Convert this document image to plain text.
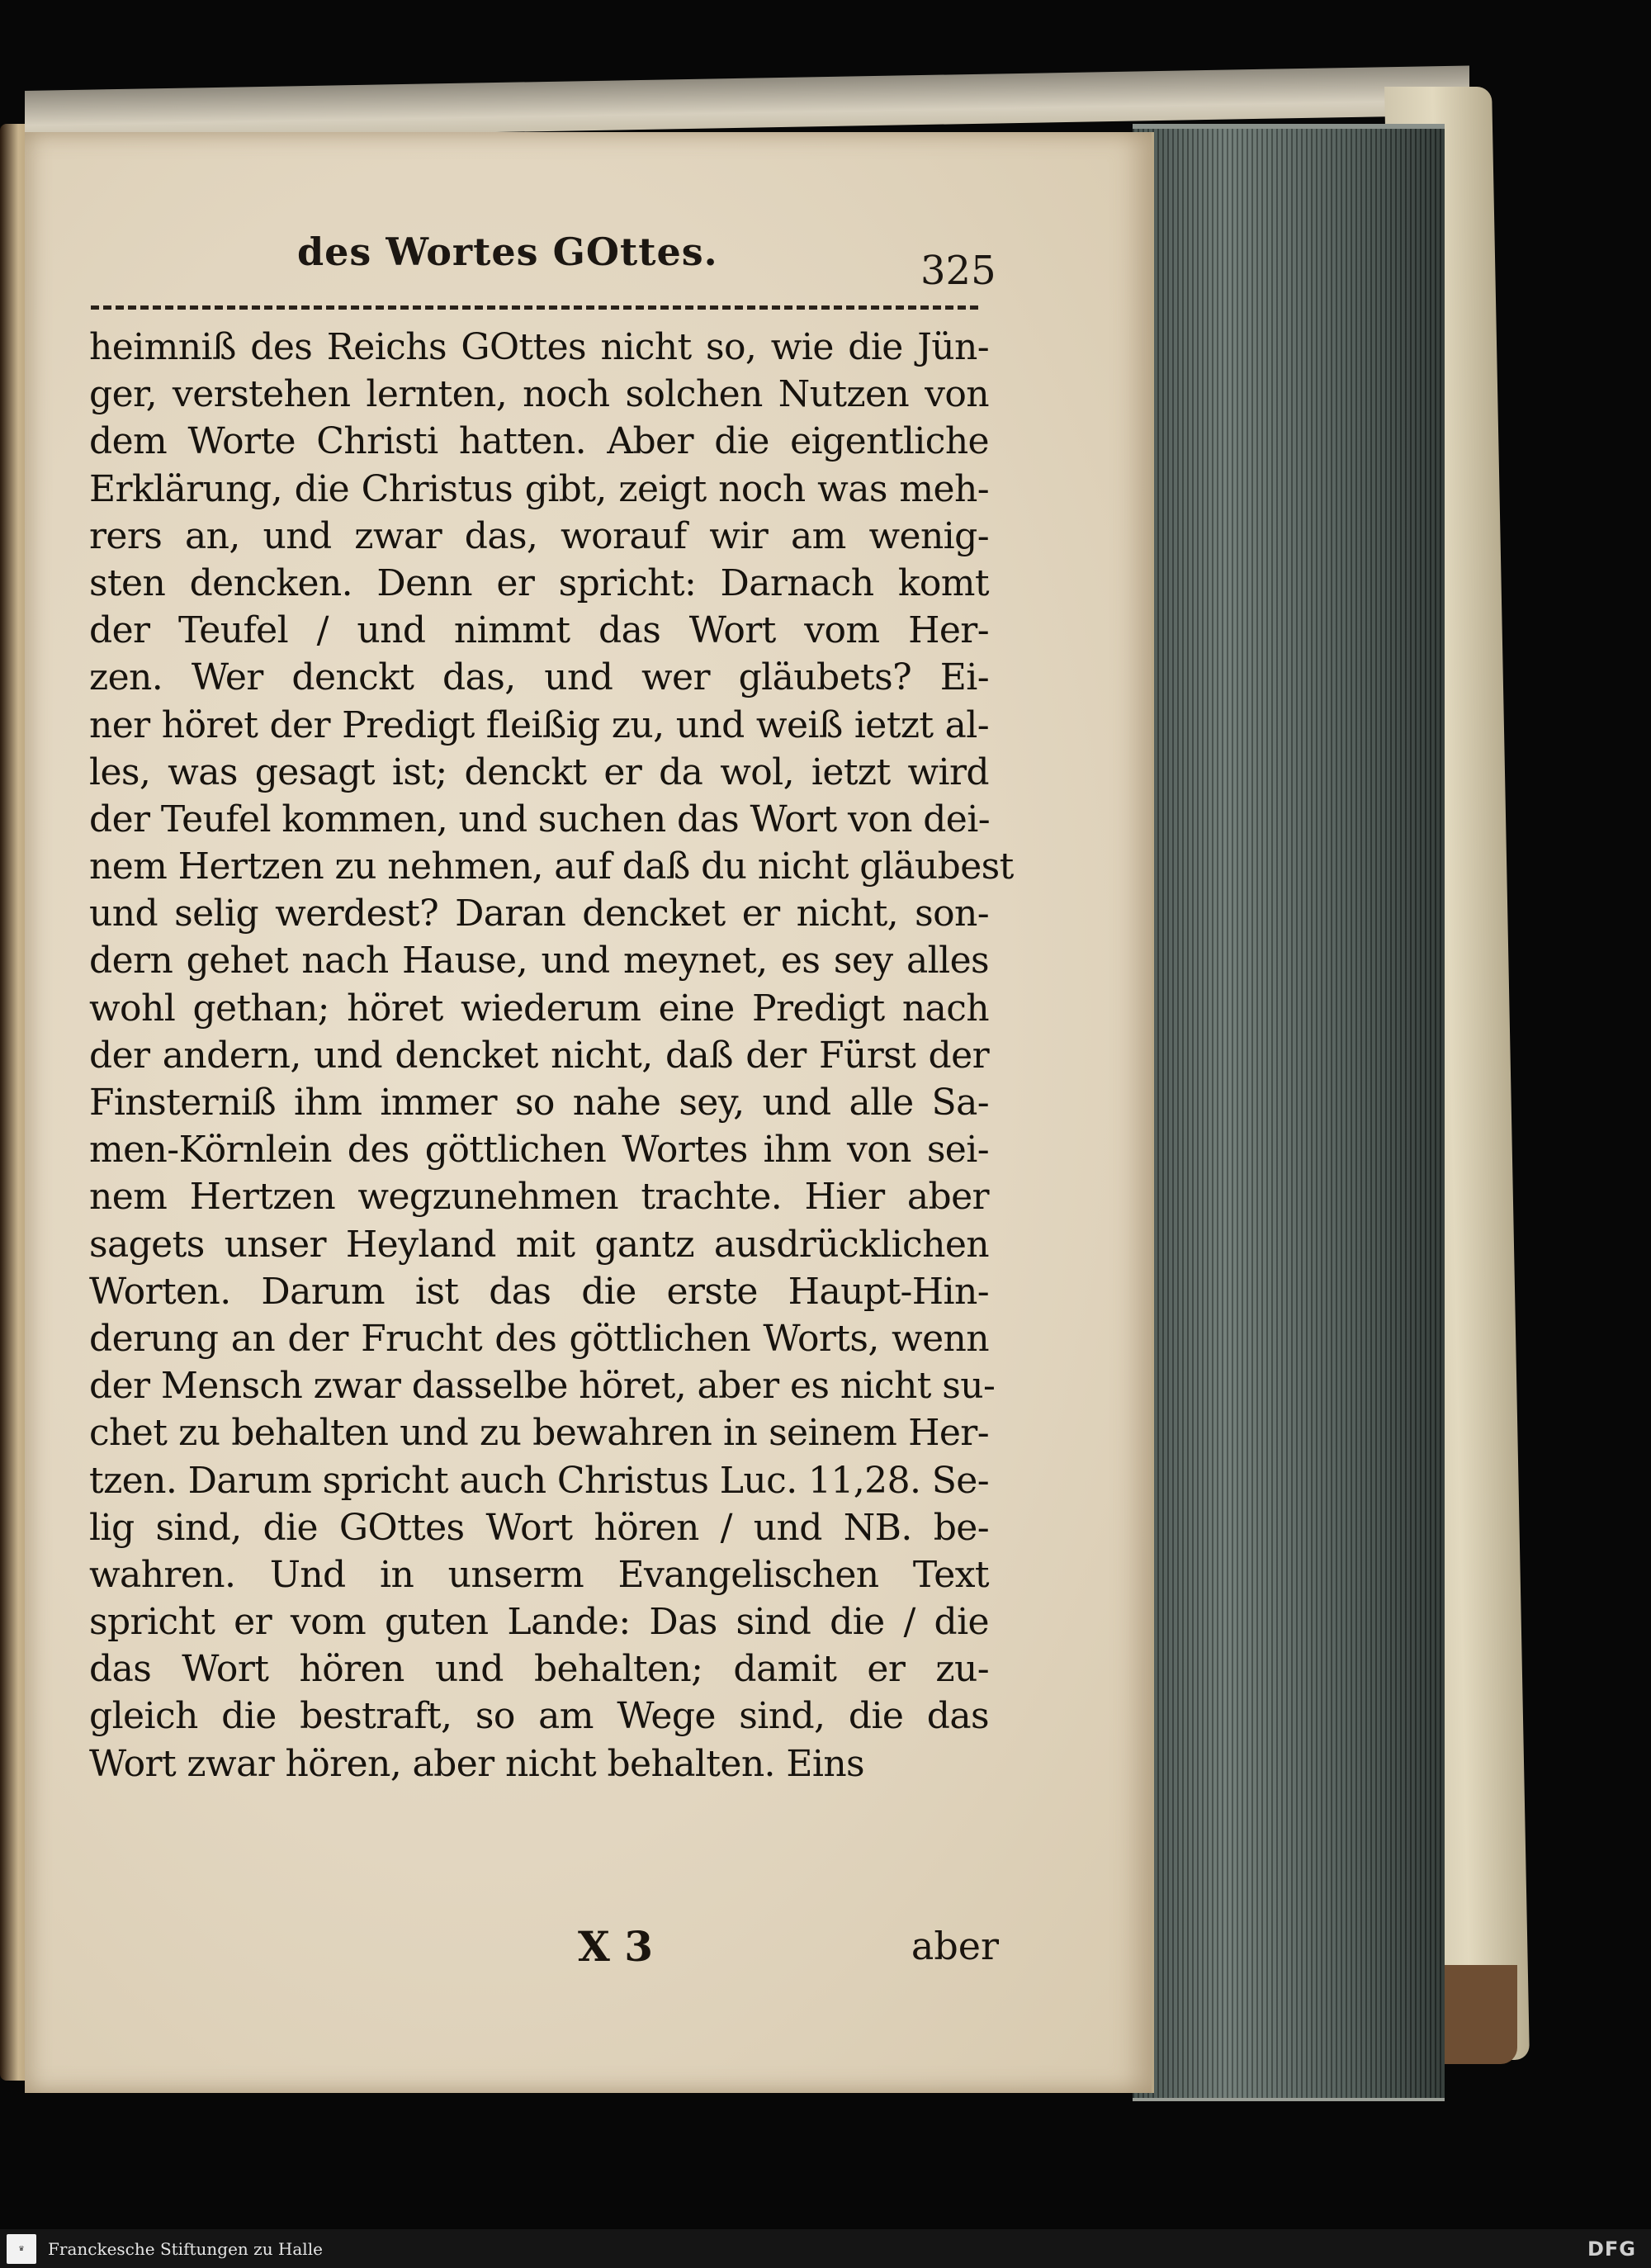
des Wortes GOttes.	325
heimniß des Reichs GOttes nicht so, wie die Jün-
ger, verstehen lernten, noch solchen Nutzen von
dem Worte Christi hatten. Aber die eigentliche
Erklärung, die Christus gibt, zeigt noch was meh-
rers an, und zwar das, worauf wir am wenig-
sten dencken. Denn er spricht: Darnach komt
der Teufel / und nimmt das Wort vom Her-
zen. Wer denckt das, und wer gläubets? Ei-
ner höret der Predigt fleißig zu, und weiß ietzt al-
les, was gesagt ist; denckt er da wol, ietzt wird
der Teufel kommen, und suchen das Wort von dei-
nem Hertzen zu nehmen, auf daß du nicht gläubest
und selig werdest? Daran dencket er nicht, son-
dern gehet nach Hause, und meynet, es sey alles
wohl gethan; höret wiederum eine Predigt nach
der andern, und dencket nicht, daß der Fürst der
Finsterniß ihm immer so nahe sey, und alle Sa-
men-Körnlein des göttlichen Wortes ihm von sei-
nem Hertzen wegzunehmen trachte. Hier aber
sagets unser Heyland mit gantz ausdrücklichen
Worten. Darum ist das die erste Haupt-Hin-
derung an der Frucht des göttlichen Worts, wenn
der Mensch zwar dasselbe höret, aber es nicht su-
chet zu behalten und zu bewahren in seinem Her-
tzen. Darum spricht auch Christus Luc. 11,28. Se-
lig sind, die GOttes Wort hören / und NB. be-
wahren. Und in unserm Evangelischen Text
spricht er vom guten Lande: Das sind die / die
das Wort hören und behalten; damit er zu-
gleich die bestraft, so am Wege sind, die das
Wort zwar hören, aber nicht behalten. Eins
X 3	aber
♛	Franckesche Stiftungen zu Halle	DFG
